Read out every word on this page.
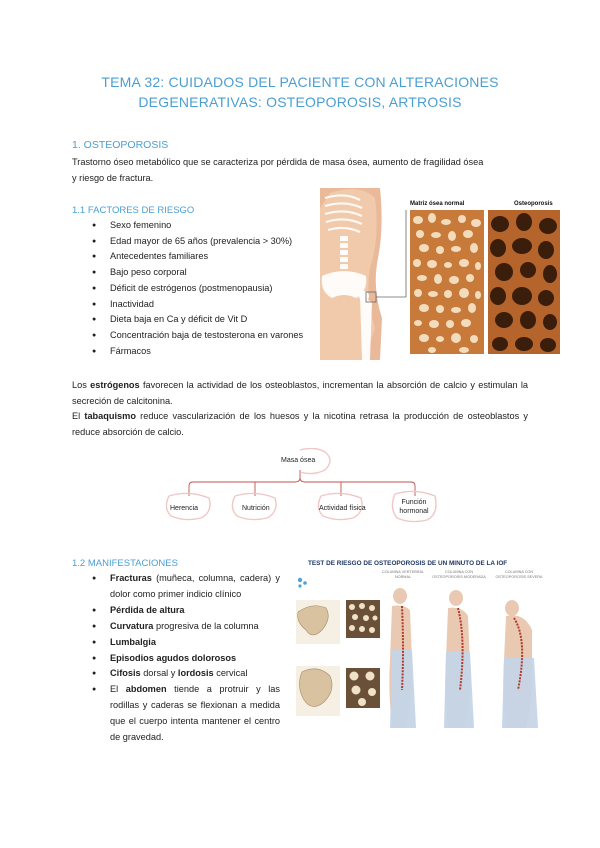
TEMA 32: CUIDADOS DEL PACIENTE CON ALTERACIONES
DEGENERATIVAS: OSTEOPOROSIS, ARTROSIS
1. OSTEOPOROSIS
Trastorno óseo metabólico que se caracteriza por pérdida de masa ósea, aumento de fragilidad ósea
y riesgo de fractura.
1.1 FACTORES DE RIESGO
● Sexo femenino
● Edad mayor de 65 años (prevalencia > 30%)
● Antecedentes familiares
● Bajo peso corporal
● Déficit de estrógenos (postmenopausia)
● Inactividad
● Dieta baja en Ca y déficit de Vit D
● Concentración baja de testosterona en varones
● Fármacos
Matriz ósea normal	Osteoporosis
Los estrógenos favorecen la actividad de los osteoblastos, incrementan la absorción de calcio y estimulan la secreción de calcitonina.
El tabaquismo reduce vascularización de los huesos y la nicotina retrasa la producción de osteoblastos y reduce absorción de calcio.
Masa ósea
Herencia	Nutrición	Actividad física
Función hormonal
1.2 MANIFESTACIONES
● Fracturas (muñeca, columna, cadera) y dolor como primer indicio clínico
● Pérdida de altura
● Curvatura progresiva de la columna
● Lumbalgia
● Episodios agudos dolorosos
● Cifosis dorsal y lordosis cervical
● El abdomen tiende a protruir y las rodillas y caderas se flexionan a medida que el cuerpo intenta mantener el centro de gravedad.
TEST DE RIESGO DE OSTEOPOROSIS DE UN MINUTO DE LA IOF
COLUMNA VERTEBRAL NORMAL
COLUMNA CON OSTEOPOROSIS MODERADA
COLUMNA CON OSTEOPOROSIS SEVERA
